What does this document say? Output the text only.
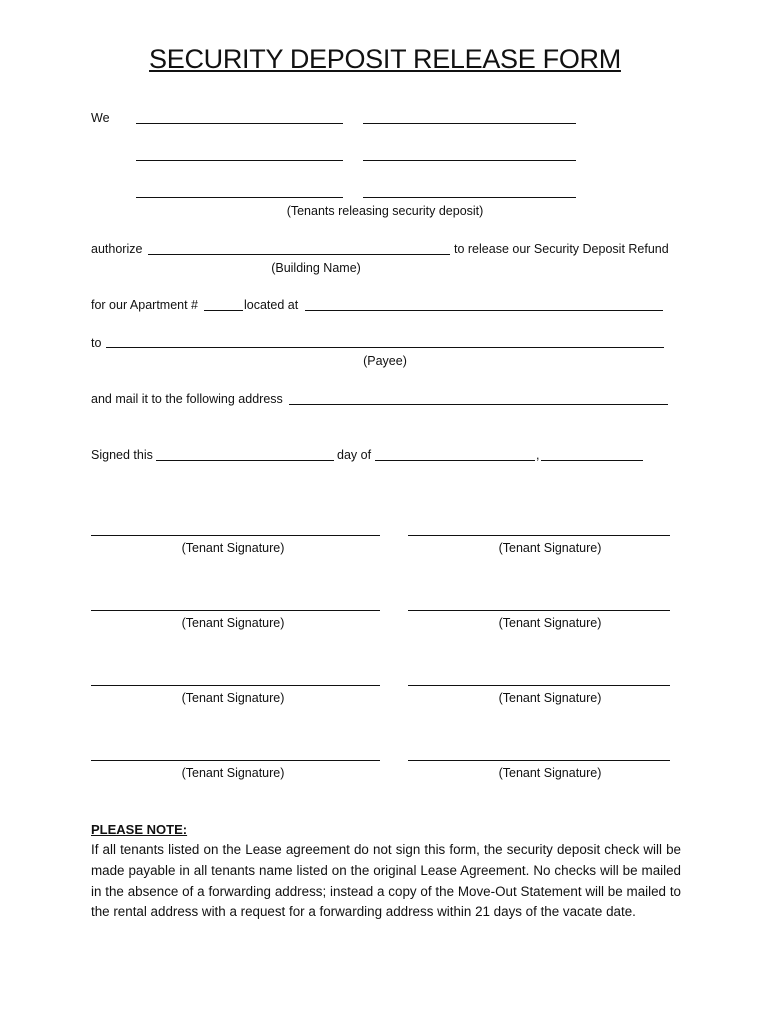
SECURITY DEPOSIT RELEASE FORM
We
(Tenants releasing security deposit)
authorize	to release our Security Deposit Refund
(Building Name)
for our Apartment #	located at
to
(Payee)
and mail it to the following address
Signed this	day of	,
(Tenant Signature)	(Tenant Signature)
(Tenant Signature)	(Tenant Signature)
(Tenant Signature)	(Tenant Signature)
(Tenant Signature)	(Tenant Signature)
PLEASE NOTE:
If all tenants listed on the Lease agreement do not sign this form, the security deposit check will be made payable in all tenants name listed on the original Lease Agreement. No checks will be mailed in the absence of a forwarding address; instead a copy of the Move-Out Statement will be mailed to the rental address with a request for a forwarding address within 21 days of the vacate date.
